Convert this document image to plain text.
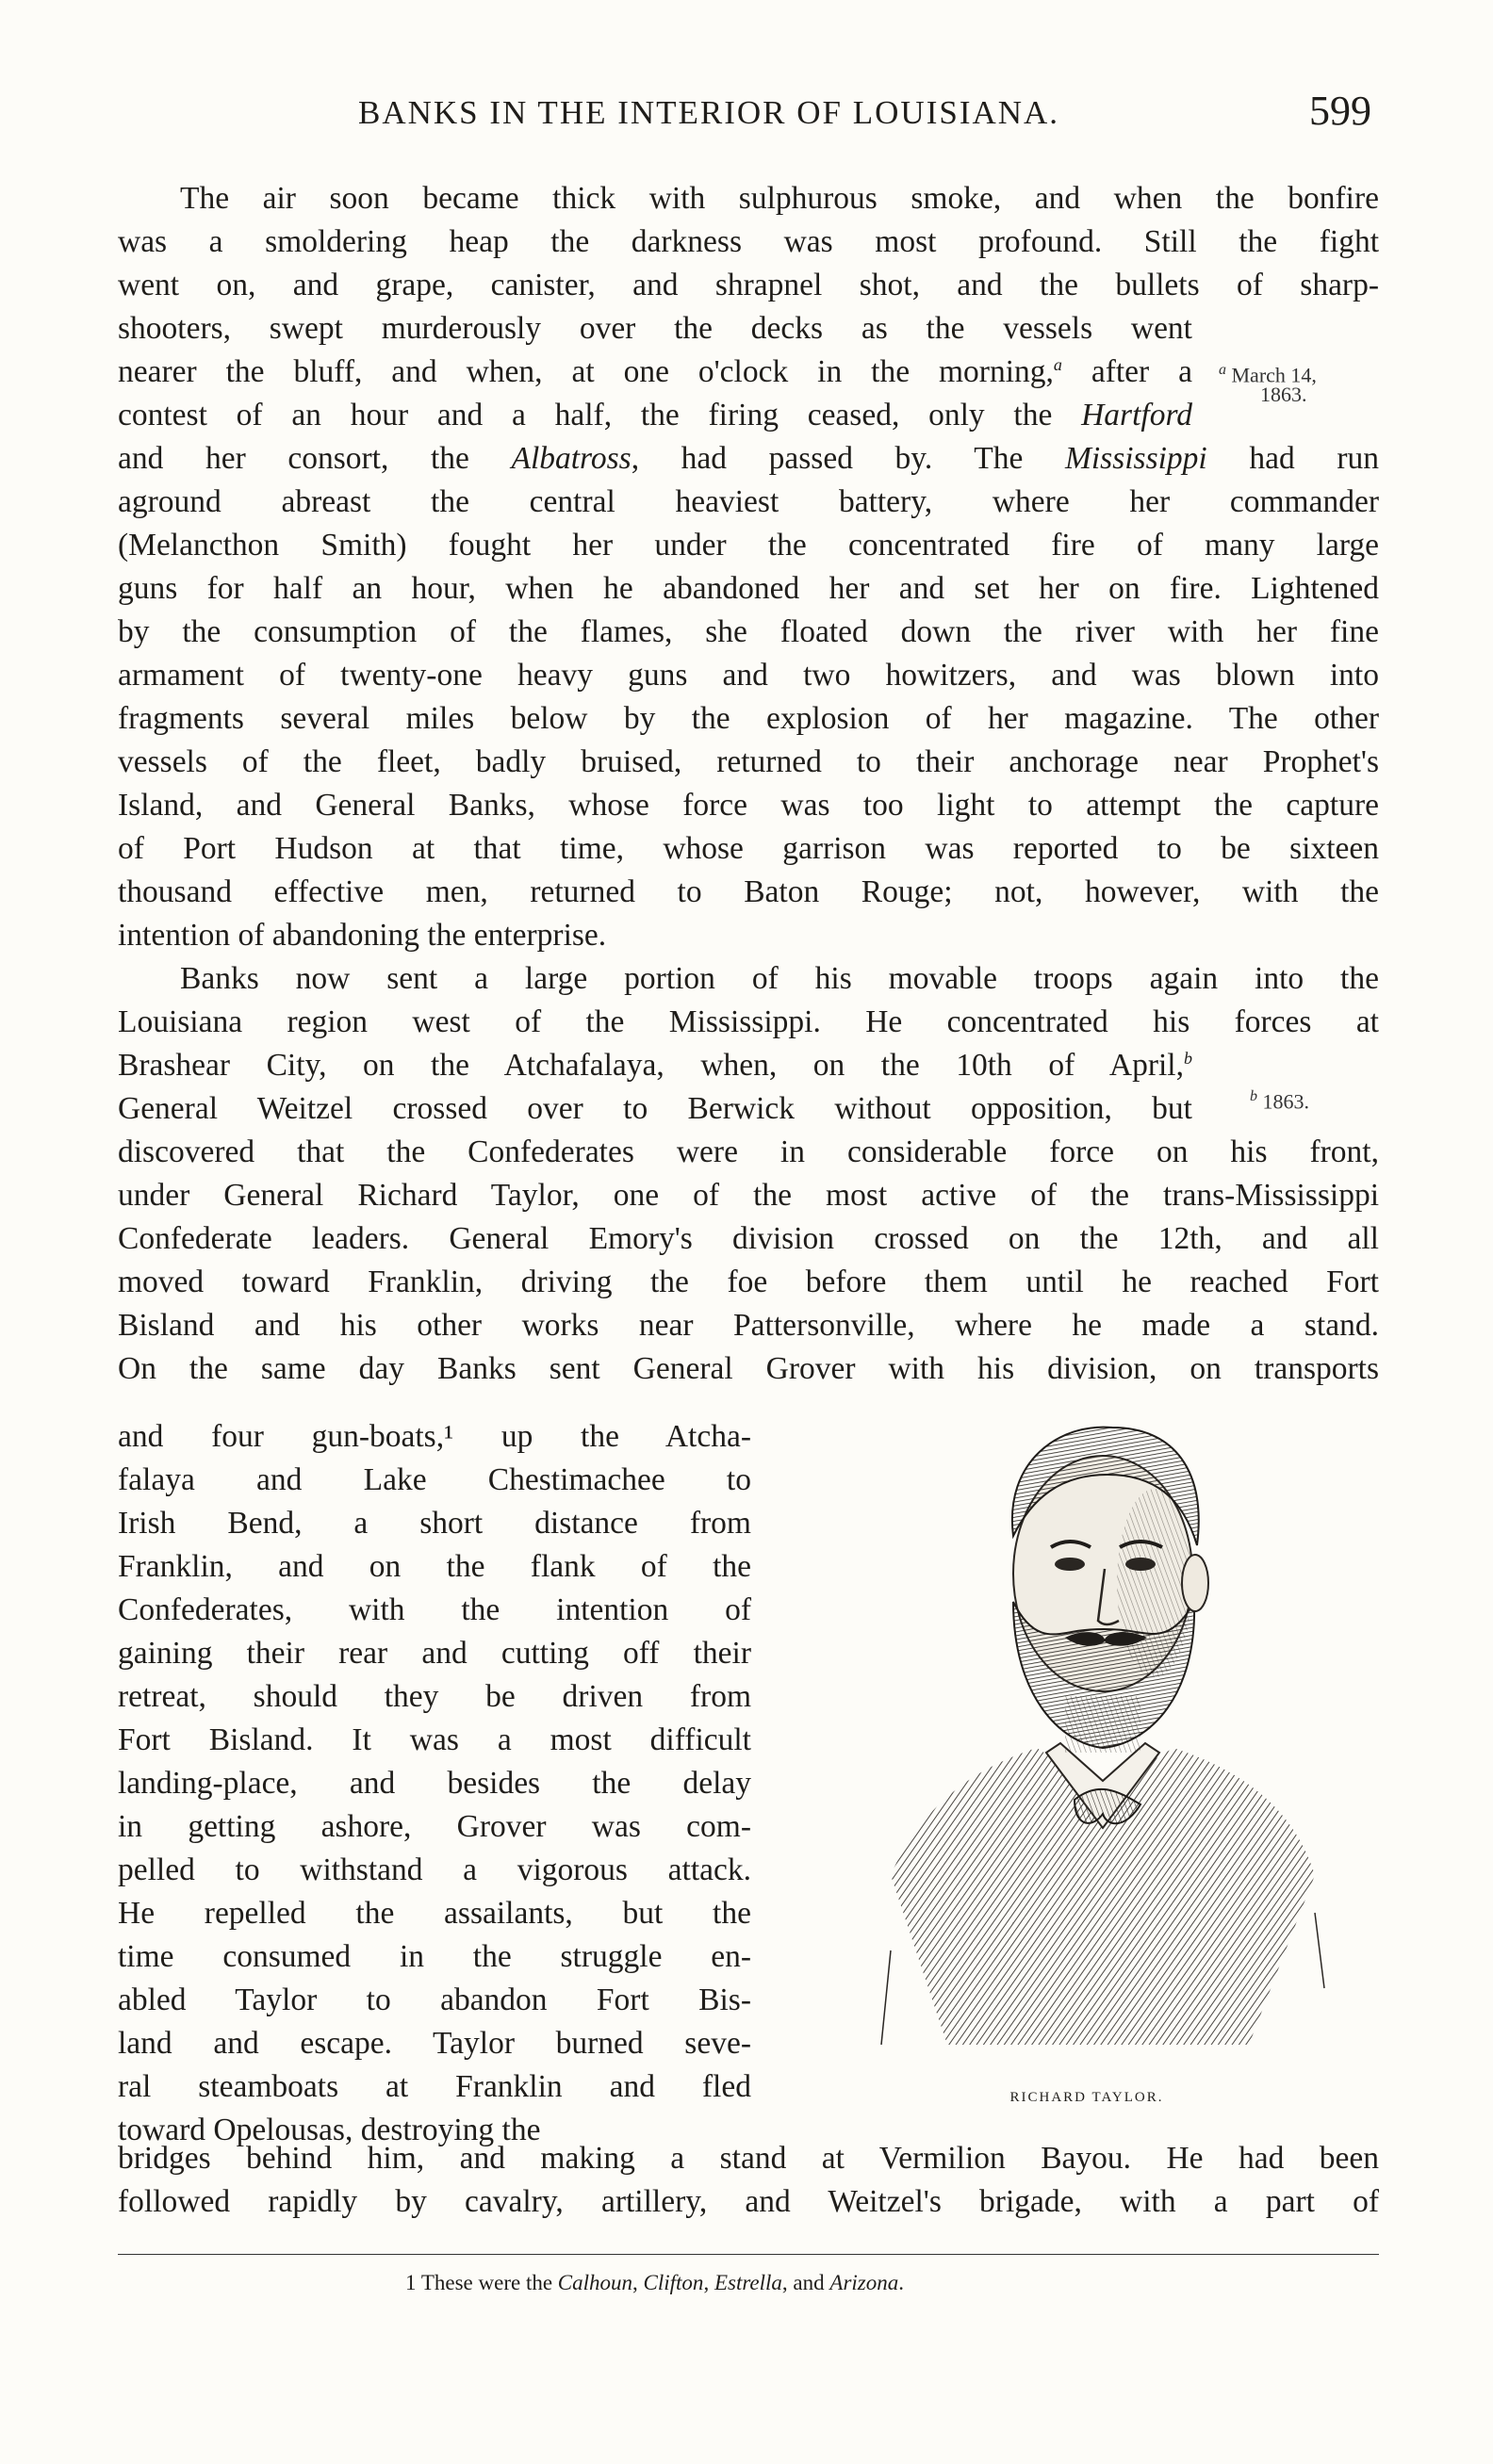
BANKS IN THE INTERIOR OF LOUISIANA.	599
$^a$ March 14,
1863.
$^b$ 1863.
The air soon became thick with sulphurous smoke, and when the bonfire
was a smoldering heap the darkness was most profound. Still the fight
went on, and grape, canister, and shrapnel shot, and the bullets of sharp-
shooters, swept murderously over the decks as the vessels went
nearer the bluff, and when, at one o'clock in the morning,$^a$ after a
contest of an hour and a half, the firing ceased, only the Hartford
and her consort, the Albatross, had passed by. The Mississippi had run
aground abreast the central heaviest battery, where her commander
(Melancthon Smith) fought her under the concentrated fire of many large
guns for half an hour, when he abandoned her and set her on fire. Lightened
by the consumption of the flames, she floated down the river with her fine
armament of twenty-one heavy guns and two howitzers, and was blown into
fragments several miles below by the explosion of her magazine. The other
vessels of the fleet, badly bruised, returned to their anchorage near Prophet's
Island, and General Banks, whose force was too light to attempt the capture
of Port Hudson at that time, whose garrison was reported to be sixteen
thousand effective men, returned to Baton Rouge; not, however, with the
intention of abandoning the enterprise.
Banks now sent a large portion of his movable troops again into the
Louisiana region west of the Mississippi. He concentrated his forces at
Brashear City, on the Atchafalaya, when, on the 10th of April,$^b$
General Weitzel crossed over to Berwick without opposition, but
discovered that the Confederates were in considerable force on his front,
under General Richard Taylor, one of the most active of the trans-Mississippi
Confederate leaders. General Emory's division crossed on the 12th, and all
moved toward Franklin, driving the foe before them until he reached Fort
Bisland and his other works near Pattersonville, where he made a stand.
On the same day Banks sent General Grover with his division, on transports
and four gun-boats,¹ up the Atcha-
falaya and Lake Chestimachee to
Irish Bend, a short distance from
Franklin, and on the flank of the
Confederates, with the intention of
gaining their rear and cutting off their
retreat, should they be driven from
Fort Bisland. It was a most difficult
landing-place, and besides the delay
in getting ashore, Grover was com-
pelled to withstand a vigorous attack.
He repelled the assailants, but the
time consumed in the struggle en-
abled Taylor to abandon Fort Bis-
land and escape. Taylor burned seve-
ral steamboats at Franklin and fled
toward Opelousas, destroying the
RICHARD TAYLOR.
bridges behind him, and making a stand at Vermilion Bayou. He had been
followed rapidly by cavalry, artillery, and Weitzel's brigade, with a part of
1 These were the Calhoun, Clifton, Estrella, and Arizona.
